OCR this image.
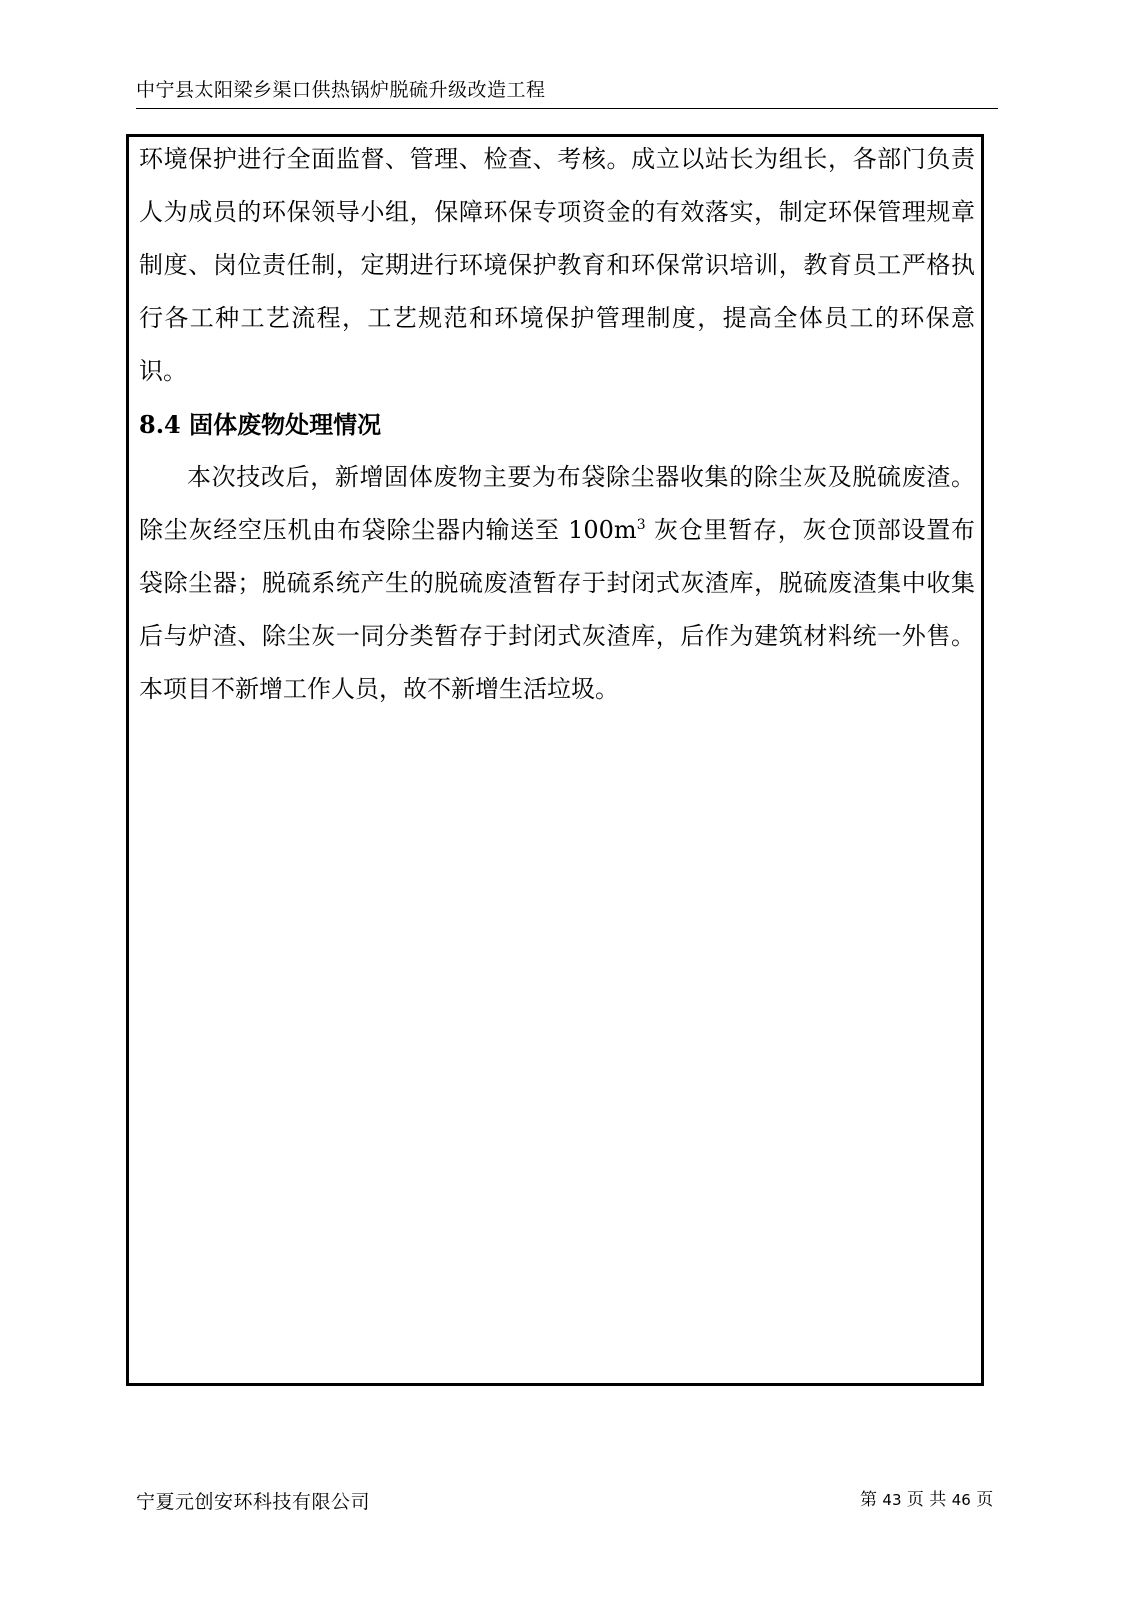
中宁县太阳梁乡渠口供热锅炉脱硫升级改造工程

环境保护进行全面监督、管理、检查、考核。成立以站长为组长，各部门负责人为成员的环保领导小组，保障环保专项资金的有效落实，制定环保管理规章制度、岗位责任制，定期进行环境保护教育和环保常识培训，教育员工严格执行各工种工艺流程，工艺规范和环境保护管理制度，提高全体员工的环保意识。

8.4 固体废物处理情况

本次技改后，新增固体废物主要为布袋除尘器收集的除尘灰及脱硫废渣。除尘灰经空压机由布袋除尘器内输送至 $100m^3$ 灰仓里暂存，灰仓顶部设置布袋除尘器；脱硫系统产生的脱硫废渣暂存于封闭式灰渣库，脱硫废渣集中收集后与炉渣、除尘灰一同分类暂存于封闭式灰渣库，后作为建筑材料统一外售。本项目不新增工作人员，故不新增生活垃圾。

宁夏元创安环科技有限公司	第 43 页 共 46 页
